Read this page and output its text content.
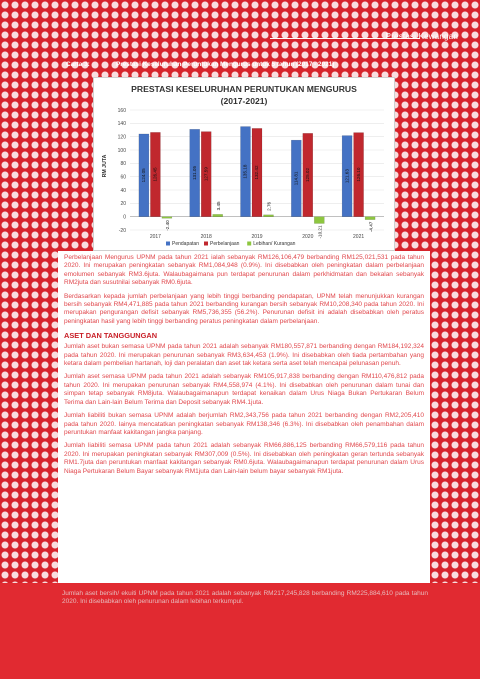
Prestasi Kewangan
Carta 3:	Prestasi Keseluruhan Peruntukan Mengurus untuk 5 tahun (2017 - 2021)
PRESTASI KESELURUHAN PERUNTUKAN MENGURUS
(2017-2021)
RM JUTA
-20
0
20
40
60
80
100
120
140
160
2017
124.05 126.45
-2.40
2018
131.05 127.59
3.45
2019
135.18 132.42
2.76
2020
114.81 125.02
-10.21	2021
121.63 126.10
-4.47
Pendapatan Perbelanjaan	Lebihan/ Kurangan

Perbelanjaan Mengurus UPNM pada tahun 2021 ialah sebanyak RM126,106,479 berbanding RM125,021,531 pada tahun 2020. Ini merupakan peningkatan sebanyak RM1,084,948 (0.9%). Ini disebabkan oleh peningkatan dalam perbelanjaan emolumen sebanyak RM3.6juta. Walaubagaimana pun terdapat penurunan dalam perkhidmatan dan bekalan sebanyak RM2juta dan susutnilai sebanyak RM0.6juta.

Berdasarkan kepada jumlah perbelanjaan yang lebih tinggi berbanding pendapatan, UPNM telah menunjukkan kurangan bersih sebanyak RM4,471,885 pada tahun 2021 berbanding kurangan bersih sebanyak RM10,208,340 pada tahun 2020. Ini merupakan pengurangan defisit sebanyak RM5,736,355 (56.2%). Penurunan defisit ini adalah disebabkan oleh peratus peningkatan hasil yang lebih tinggi berbanding peratus peningkatan dalam perbelanjaan.

ASET DAN TANGGUNGAN

Jumlah aset bukan semasa UPNM pada tahun 2021 adalah sebanyak RM180,557,871 berbanding dengan RM184,192,324 pada tahun 2020. Ini merupakan penurunan sebanyak RM3,634,453 (1.9%). Ini disebabkan oleh tiada pertambahan yang ketara dalam pembelian hartanah, loji dan peralatan dan aset tak ketara serta aset telah mencapai pelunasan penuh.

Jumlah aset semasa UPNM pada tahun 2021 adalah sebanyak RM105,917,838 berbanding dengan RM110,476,812 pada tahun 2020. Ini merupakan penurunan sebanyak RM4,558,974 (4.1%). Ini disebabkan oleh penurunan dalam tunai dan simpan tetap sebanyak RM8juta. Walaubagaimanapun terdapat kenaikan dalam Urus Niaga Bukan Pertukaran Belum Terima dan Lain-lain Belum Terima dan Deposit sebanyak RM4.1juta.

Jumlah liabiliti bukan semasa UPNM adalah berjumlah RM2,343,756 pada tahun 2021 berbanding dengan RM2,205,410 pada tahun 2020. Iainya mencatatkan peningkatan sebanyak RM138,346 (6.3%). Ini disebabkan oleh penambahan dalam peruntukan manfaat kakitangan jangka panjang.

Jumlah liabiliti semasa UPNM pada tahun 2021 adalah sebanyak RM66,886,125 berbanding RM66,579,116 pada tahun 2020. Ini merupakan peningkatan sebanyak RM307,009 (0.5%). Ini disebabkan oleh peningkatan geran tertunda sebanyak RM1.7juta dan peruntukan manfaat kakitangan sebanyak RM0.6juta. Walaubagaimanapun terdapat penurunan dalam Urus Niaga Pertukaran Belum Bayar sebanyak RM1juta dan Lain-lain belum bayar sebanyak RM1juta.

Jumlah aset bersih/ ekuiti UPNM pada tahun 2021 adalah sebanyak RM217,245,828 berbanding RM225,884,610 pada tahun 2020. Ini disebabkan oleh penurunan dalam lebihan terkumpul.
